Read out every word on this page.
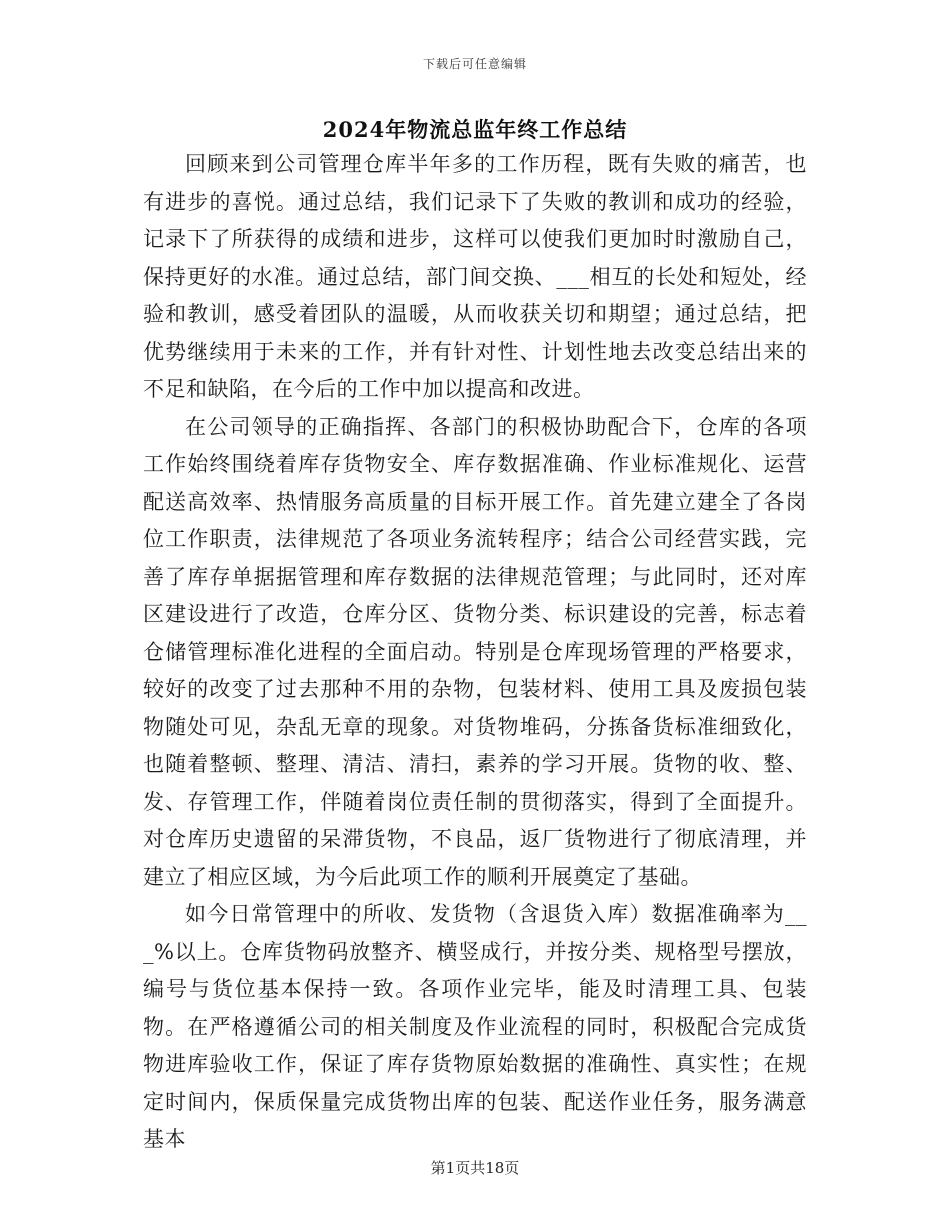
下载后可任意编辑
2024年物流总监年终工作总结

回顾来到公司管理仓库半年多的工作历程，既有失败的痛苦，也有进步的喜悦。通过总结，我们记录下了失败的教训和成功的经验，记录下了所获得的成绩和进步，这样可以使我们更加时时激励自己，保持更好的水准。通过总结，部门间交换、___相互的长处和短处，经验和教训，感受着团队的温暖，从而收获关切和期望；通过总结，把优势继续用于未来的工作，并有针对性、计划性地去改变总结出来的不足和缺陷，在今后的工作中加以提高和改进。

在公司领导的正确指挥、各部门的积极协助配合下，仓库的各项工作始终围绕着库存货物安全、库存数据准确、作业标准规化、运营配送高效率、热情服务高质量的目标开展工作。首先建立建全了各岗位工作职责，法律规范了各项业务流转程序；结合公司经营实践，完善了库存单据据管理和库存数据的法律规范管理；与此同时，还对库区建设进行了改造，仓库分区、货物分类、标识建设的完善，标志着仓储管理标准化进程的全面启动。特别是仓库现场管理的严格要求，较好的改变了过去那种不用的杂物，包装材料、使用工具及废损包装物随处可见，杂乱无章的现象。对货物堆码，分拣备货标准细致化，也随着整顿、整理、清洁、清扫，素养的学习开展。货物的收、整、发、存管理工作，伴随着岗位责任制的贯彻落实，得到了全面提升。对仓库历史遗留的呆滞货物，不良品，返厂货物进行了彻底清理，并建立了相应区域，为今后此项工作的顺利开展奠定了基础。

如今日常管理中的所收、发货物（含退货入库）数据准确率为___%以上。仓库货物码放整齐、横竖成行，并按分类、规格型号摆放，编号与货位基本保持一致。各项作业完毕，能及时清理工具、包装物。在严格遵循公司的相关制度及作业流程的同时，积极配合完成货物进库验收工作，保证了库存货物原始数据的准确性、真实性；在规定时间内，保质保量完成货物出库的包装、配送作业任务，服务满意基本

第1页共18页
